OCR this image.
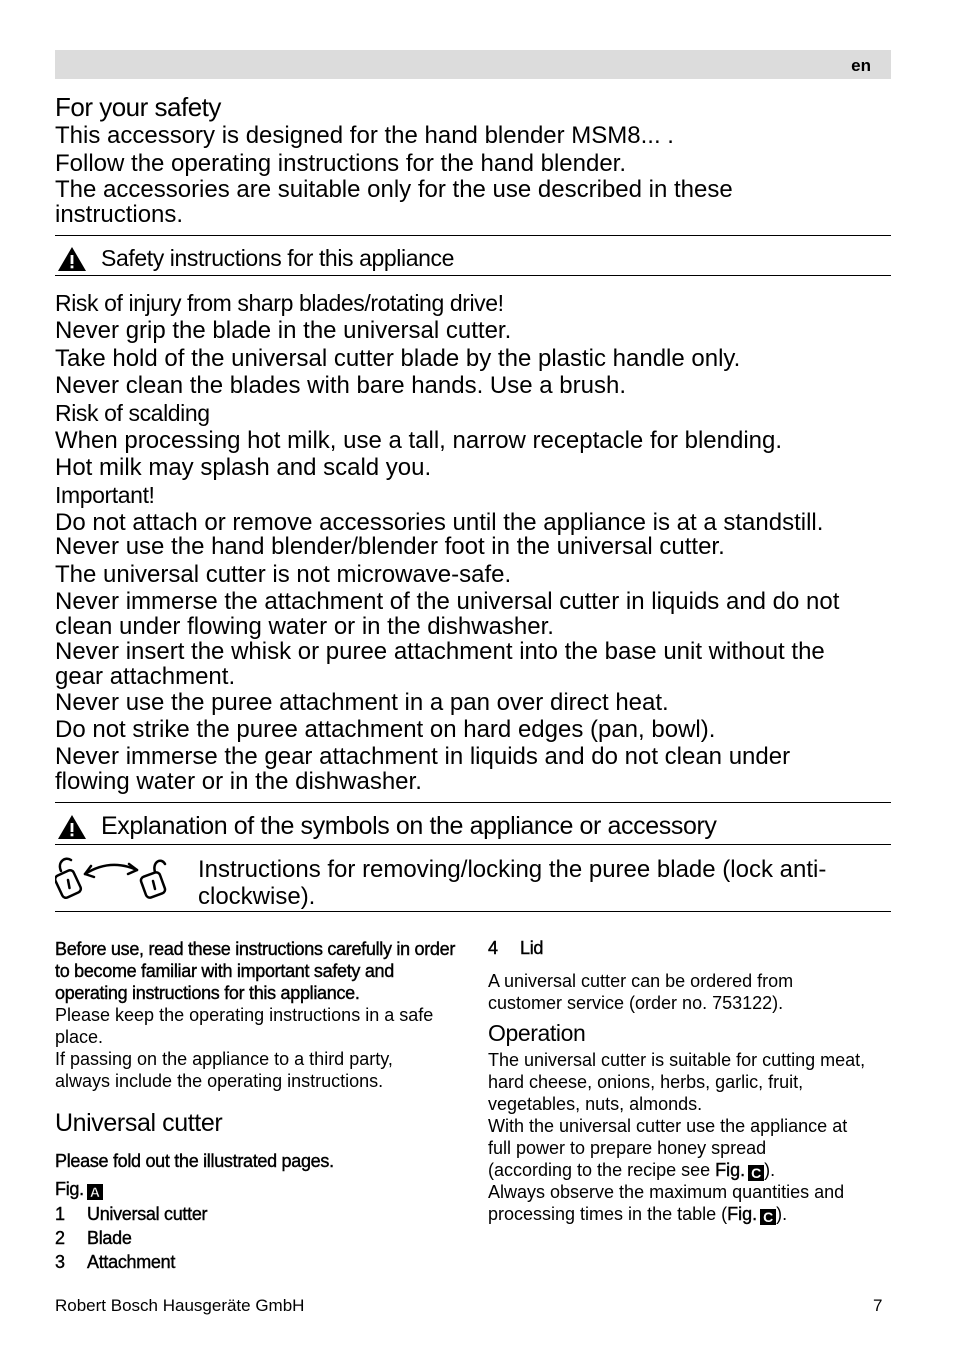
en
For your safety
This accessory is designed for the hand blender MSM8... .
Follow the operating instructions for the hand blender.
The accessories are suitable only for the use described in these instructions.
Safety instructions for this appliance
Risk of injury from sharp blades/rotating drive!
Never grip the blade in the universal cutter.
Take hold of the universal cutter blade by the plastic handle only.
Never clean the blades with bare hands. Use a brush.
Risk of scalding
When processing hot milk, use a tall, narrow receptacle for blending.
Hot milk may splash and scald you.
Important!
Do not attach or remove accessories until the appliance is at a standstill.
Never use the hand blender/blender foot in the universal cutter.
The universal cutter is not microwave-safe.
Never immerse the attachment of the universal cutter in liquids and do not clean under flowing water or in the dishwasher.
Never insert the whisk or puree attachment into the base unit without the gear attachment.
Never use the puree attachment in a pan over direct heat.
Do not strike the puree attachment on hard edges (pan, bowl).
Never immerse the gear attachment in liquids and do not clean under flowing water or in the dishwasher.
Explanation of the symbols on the appliance or accessory
Instructions for removing/locking the puree blade (lock anti-clockwise).
Before use, read these instructions carefully in order to become familiar with important safety and operating instructions for this appliance.
Please keep the operating instructions in a safe place.
If passing on the appliance to a third party, always include the operating instructions.
Universal cutter
Please fold out the illustrated pages.
Fig. A
1	Universal cutter
2	Blade
3	Attachment
4	Lid
A universal cutter can be ordered from customer service (order no. 753122).
Operation
The universal cutter is suitable for cutting meat, hard cheese, onions, herbs, garlic, fruit, vegetables, nuts, almonds.
With the universal cutter use the appliance at full power to prepare honey spread (according to the recipe see Fig. C ).
Always observe the maximum quantities and processing times in the table (Fig. C ).
Robert Bosch Hausgeräte GmbH	7
